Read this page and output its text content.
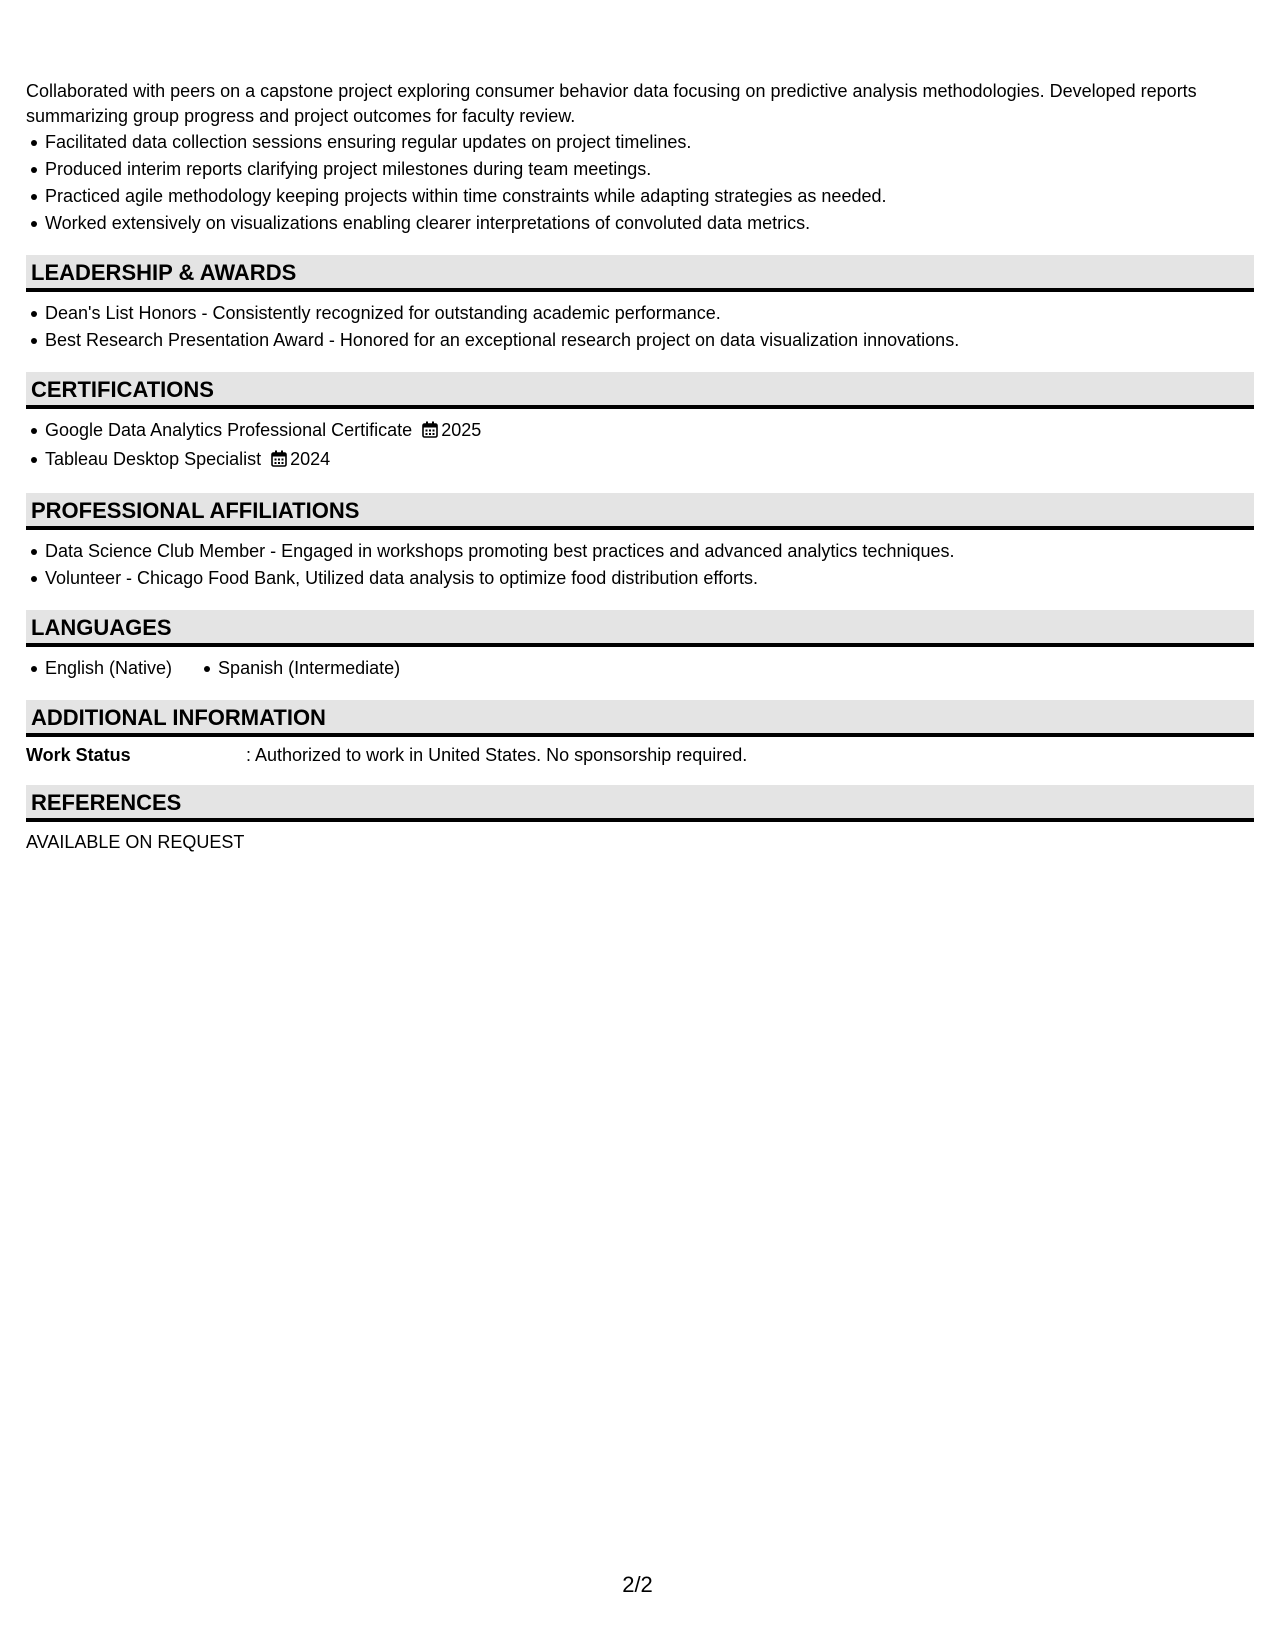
Collaborated with peers on a capstone project exploring consumer behavior data focusing on predictive analysis methodologies. Developed reports summarizing group progress and project outcomes for faculty review.

Facilitated data collection sessions ensuring regular updates on project timelines.
Produced interim reports clarifying project milestones during team meetings.
Practiced agile methodology keeping projects within time constraints while adapting strategies as needed.
Worked extensively on visualizations enabling clearer interpretations of convoluted data metrics.
LEADERSHIP & AWARDS
Dean's List Honors - Consistently recognized for outstanding academic performance.
Best Research Presentation Award - Honored for an exceptional research project on data visualization innovations.
CERTIFICATIONS
Google Data Analytics Professional Certificate 2025
Tableau Desktop Specialist 2024
PROFESSIONAL AFFILIATIONS
Data Science Club Member - Engaged in workshops promoting best practices and advanced analytics techniques.
Volunteer - Chicago Food Bank, Utilized data analysis to optimize food distribution efforts.
LANGUAGES
English (Native)	Spanish (Intermediate)
ADDITIONAL INFORMATION
Work Status	: Authorized to work in United States. No sponsorship required.
REFERENCES
AVAILABLE ON REQUEST
2/2
